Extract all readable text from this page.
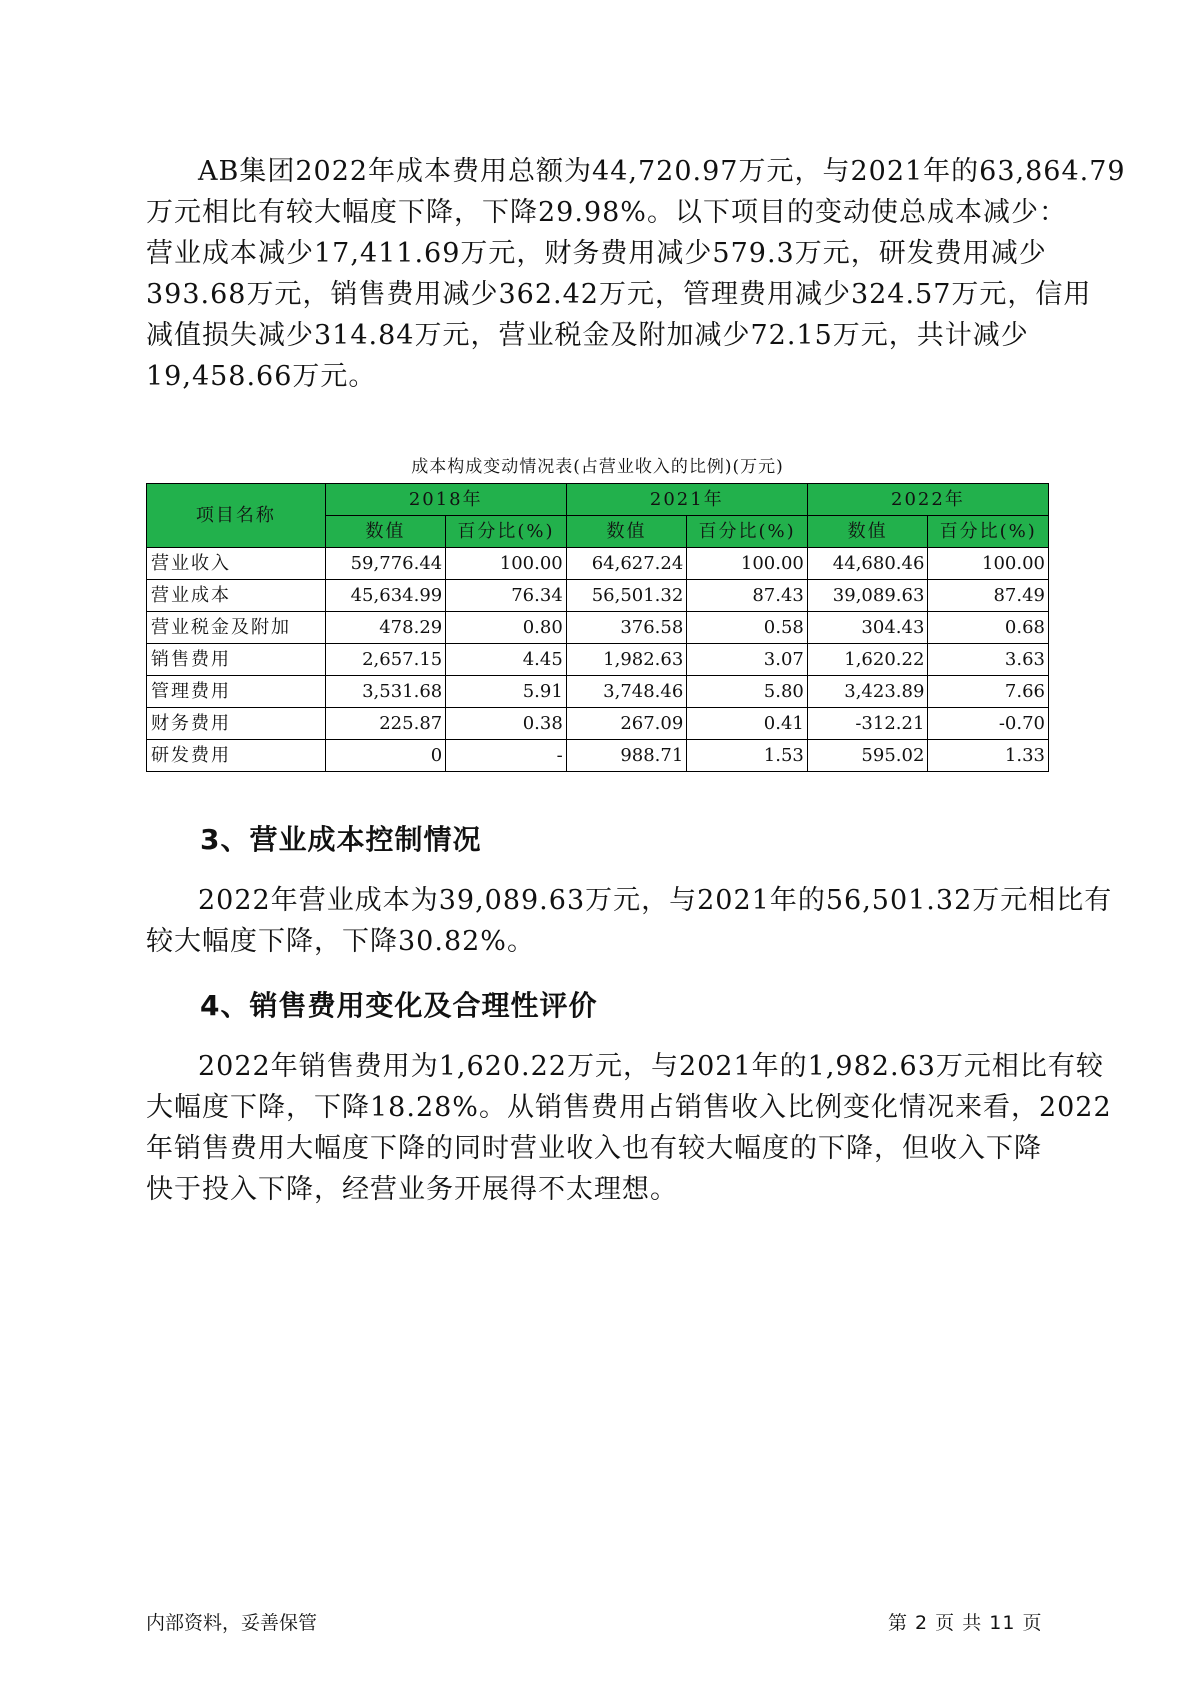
AB集团2022年成本费用总额为44,720.97万元，与2021年的63,864.79
万元相比有较大幅度下降，下降29.98%。以下项目的变动使总成本减少：
营业成本减少17,411.69万元，财务费用减少579.3万元，研发费用减少
393.68万元，销售费用减少362.42万元，管理费用减少324.57万元，信用
减值损失减少314.84万元，营业税金及附加减少72.15万元，共计减少
19,458.66万元。

成本构成变动情况表(占营业收入的比例)(万元)
项目名称	2018年		2021年		2022年	
	数值	百分比(%)	数值	百分比(%)	数值	百分比(%)
营业收入	59,776.44	100.00	64,627.24	100.00	44,680.46	100.00
营业成本	45,634.99	76.34	56,501.32	87.43	39,089.63	87.49
营业税金及附加	478.29	0.80	376.58	0.58	304.43	0.68
销售费用	2,657.15	4.45	1,982.63	3.07	1,620.22	3.63
管理费用	3,531.68	5.91	3,748.46	5.80	3,423.89	7.66
财务费用	225.87	0.38	267.09	0.41	-312.21	-0.70
研发费用	0	-	988.71	1.53	595.02	1.33
3、营业成本控制情况

2022年营业成本为39,089.63万元，与2021年的56,501.32万元相比有
较大幅度下降，下降30.82%。

4、销售费用变化及合理性评价

2022年销售费用为1,620.22万元，与2021年的1,982.63万元相比有较
大幅度下降，下降18.28%。从销售费用占销售收入比例变化情况来看，2022
年销售费用大幅度下降的同时营业收入也有较大幅度的下降，但收入下降
快于投入下降，经营业务开展得不太理想。

内部资料，妥善保管	第 2 页 共 11 页
